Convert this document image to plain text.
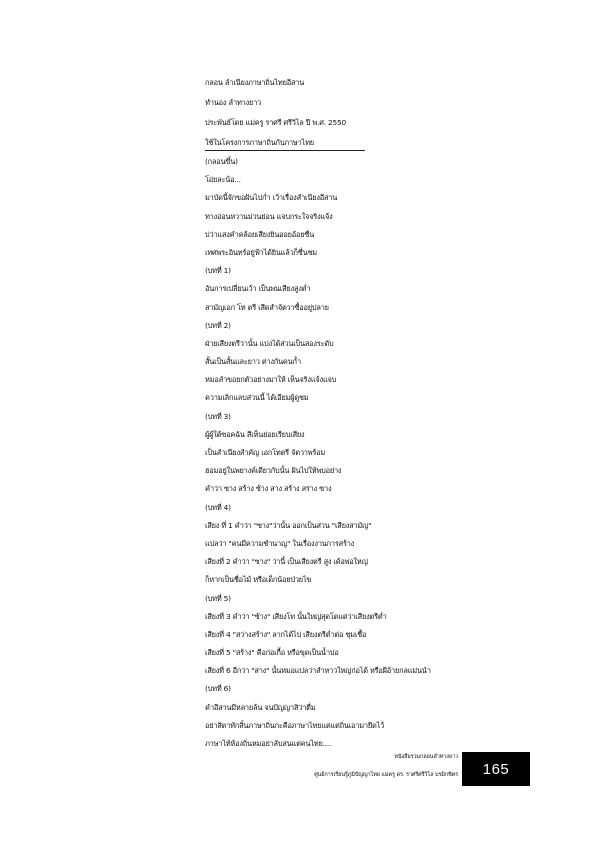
กลอน ลำเนียงภาษาถิ่นไทยอีสาน
ทำนอง ลำทางยาว
ประพันธ์โดย แม่ครู ราศรี ศรีวิไล ปี พ.ศ. 2550
ใช้ในโครงการภาษาถิ่นกับภาษาไทย
(กลอนขึ้น)
โอ่ยละน้อ...
มาบัดนี้จักขอฝันไปก่ำ เว้าเรื่องสำเนียงอีสาน
ทางอ่อนหวานม่วนย่อน แจบกระใจจริงแจ้ง
บ่ว่าแสงคำคล้อยเสียงยินออยอ้อยซื่น
เทศพระอินทร์อยู่ฟ้าได้ยินแล้วก็ซื่นชม
(บทที่ 1)
อันการเปลี่ยนเว้า เป็นพนเสียงสูงต่ำ
สามัญเอก โท ตรี เสีดสำจัตวาซื้ออยู่ปลาย
(บทที่ 2)
ฝ่ายเสียงตรีว่านั้น แบ่งได้ส่วนเป็นสองระดับ
สั้นเป็นสั้นและยาว ต่างกันคนก้ำ
หมอลำขอยกตัวอย่างมาให้ เห็นจริงแจ้งแจบ
ความเลิกแลบส่วนนี้ ได้เอียมผู้ดูชม
(บทที่ 3)
ผู้ผู้ใต้ซอคฉัน สีเห็นย่อยเรียบเสียง
เป็นสำเนียงสำคัญ เอกโทตรี จัตวาพร้อม
ฮอมอยู่ในพยางค์เดียวกับนั้น ฝันไปให้พบอย่าง
คำว่า ซาง สร้าง ซ้าง สาง สร้าง สร่าง ซาง
(บทที่ 4)
เสียง ที่ 1 คำว่า "ซาง"ว่านั้น ออกเป็นส่วน "เสียงสามัญ"
แปลว่า "คนมีความชำนาญ" ในเรื่องงานการสร้าง
เสียงที่ 2 คำว่า "ซาง" ว่านี้ เป็นเสียงตรี สูง เด้อพ่อใหญ่
ก็หากเป็นชื่อไม้ หรือเด็กน้อยป่วยไข
(บทที่ 5)
เสียงที่ 3 คำว่า "ซ้าง" เสียงโท นั้นใหญ่สุดโตแต่ว่าเสียงตรีต่ำ
เสียงที่ 4 "สว่างสร้าง" ลากได้ไป เสียงตรีต่ำต่อ ชุมเชื้อ
เสียงที่ 5 "สร้าง" คือก่อเกื้อ หรือขุดเป็นน้ำบ่อ
เสียงที่ 6 อีกว่า "สาง" นั้นหมอแปลว่าสำหาวใหญ่ก่อได้ หรือผีอ้ายกลแม่นนำ
(บทที่ 6)
คำอีสานมีหลายล้น จนปัญญาสิว่าตื่ม
อย่าสิตาทักสิ้นภาษาถิ่นกะคือภาษาไทยแต่แต่ถิ่นเอามายึดไว้
ภาษาไท้ห้องถิ่นหมอย่าลับสนแต่คนไทย....
หนังสือรวมกลอนลำทางยาว
ศูนย์การเรียนรู้ภูมิปัญญาไทย แม่ครู ดร. ราศรีศรีวิไล บรมิกชิตร	165
